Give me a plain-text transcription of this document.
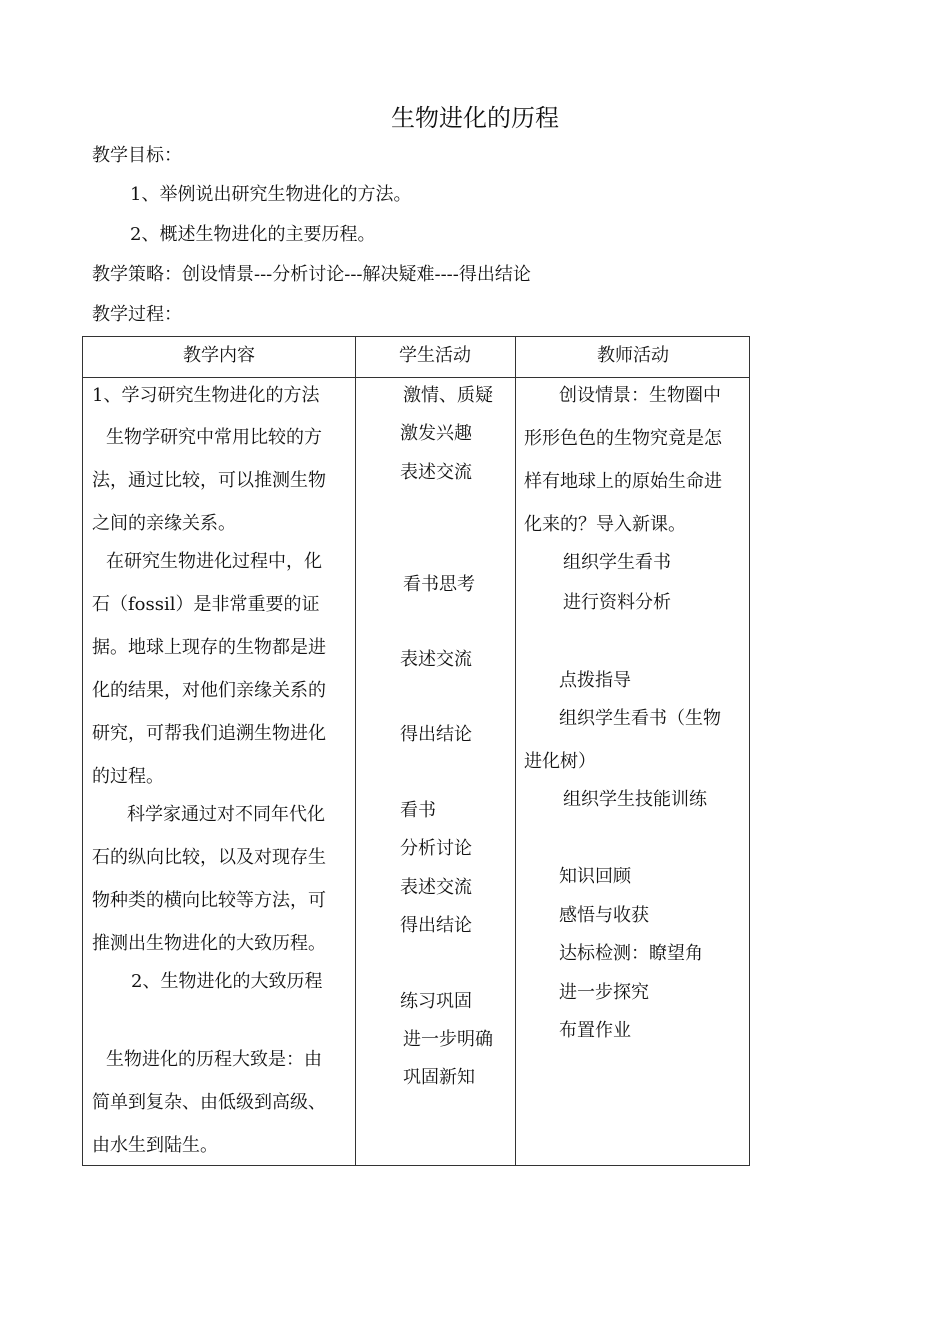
生物进化的历程
教学目标：
1、举例说出研究生物进化的方法。
2、概述生物进化的主要历程。
教学策略：创设情景---分析讨论---解决疑难----得出结论
教学过程：
教学内容	学生活动	教师活动
1、学习研究生物进化的方法
生物学研究中常用比较的方
法，通过比较，可以推测生物
之间的亲缘关系。
在研究生物进化过程中，化
石（fossil）是非常重要的证
据。地球上现存的生物都是进
化的结果，对他们亲缘关系的
研究，可帮我们追溯生物进化
的过程。
科学家通过对不同年代化
石的纵向比较，以及对现存生
物种类的横向比较等方法，可
推测出生物进化的大致历程。
2、生物进化的大致历程
生物进化的历程大致是：由
简单到复杂、由低级到高级、
由水生到陆生。
激情、质疑
激发兴趣
表述交流
看书思考
表述交流
得出结论
看书
分析讨论
表述交流
得出结论
练习巩固
进一步明确
巩固新知
创设情景：生物圈中
形形色色的生物究竟是怎
样有地球上的原始生命进
化来的？导入新课。
组织学生看书
进行资料分析
点拨指导
组织学生看书（生物
进化树）
组织学生技能训练
知识回顾
感悟与收获
达标检测：瞭望角
进一步探究
布置作业
